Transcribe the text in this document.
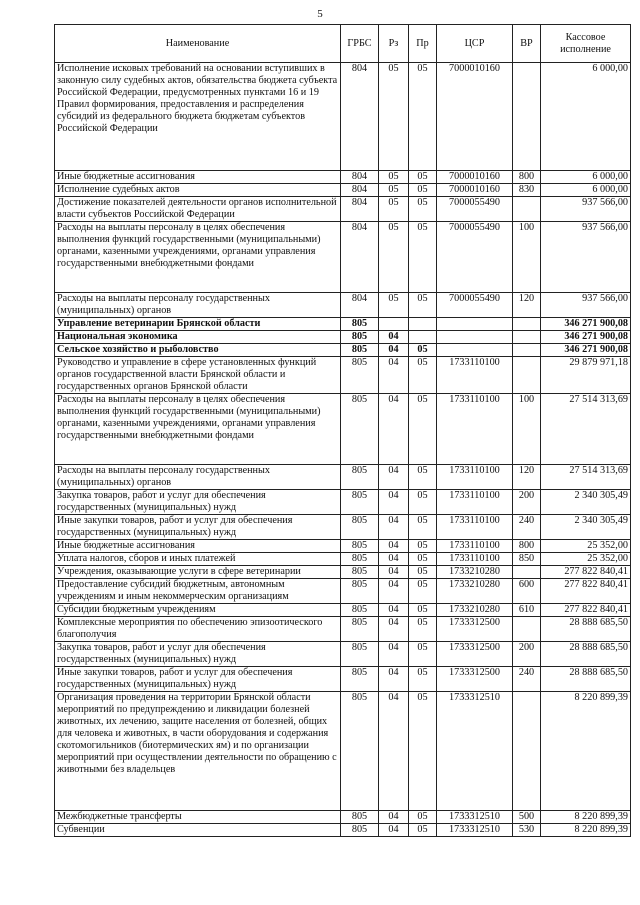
5
Наименование	ГРБС	Рз	Пр	ЦСР	ВР	Кассовое исполнение
Исполнение исковых требований на основании вступивших в законную силу судебных актов, обязательства бюджета субъекта Российской Федерации, предусмотренных пунктами 16 и 19 Правил формирования, предоставления и распределения субсидий из федерального бюджета бюджетам субъектов Российской Федерации	804	05	05	7000010160		6 000,00
Иные бюджетные ассигнования	804	05	05	7000010160	800	6 000,00
Исполнение судебных актов	804	05	05	7000010160	830	6 000,00
Достижение показателей деятельности органов исполнительной власти субъектов Российской Федерации	804	05	05	7000055490		937 566,00
Расходы на выплаты персоналу в целях обеспечения выполнения функций государственными (муниципальными) органами, казенными учреждениями, органами управления государственными внебюджетными фондами	804	05	05	7000055490	100	937 566,00
Расходы на выплаты персоналу государственных (муниципальных) органов	804	05	05	7000055490	120	937 566,00
Управление ветеринарии Брянской области	805					346 271 900,08
Национальная экономика	805	04				346 271 900,08
Сельское хозяйство и рыболовство	805	04	05			346 271 900,08
Руководство и управление в сфере установленных функций органов государственной власти Брянской области и государственных органов Брянской области	805	04	05	1733110100		29 879 971,18
Расходы на выплаты персоналу в целях обеспечения выполнения функций государственными (муниципальными) органами, казенными учреждениями, органами управления государственными внебюджетными фондами	805	04	05	1733110100	100	27 514 313,69
Расходы на выплаты персоналу государственных (муниципальных) органов	805	04	05	1733110100	120	27 514 313,69
Закупка товаров, работ и услуг для обеспечения государственных (муниципальных) нужд	805	04	05	1733110100	200	2 340 305,49
Иные закупки товаров, работ и услуг для обеспечения государственных (муниципальных) нужд	805	04	05	1733110100	240	2 340 305,49
Иные бюджетные ассигнования	805	04	05	1733110100	800	25 352,00
Уплата налогов, сборов и иных платежей	805	04	05	1733110100	850	25 352,00
Учреждения, оказывающие услуги в сфере ветеринарии	805	04	05	1733210280		277 822 840,41
Предоставление субсидий бюджетным, автономным учреждениям и иным некоммерческим организациям	805	04	05	1733210280	600	277 822 840,41
Субсидии бюджетным учреждениям	805	04	05	1733210280	610	277 822 840,41
Комплексные мероприятия по обеспечению эпизоотического благополучия	805	04	05	1733312500		28 888 685,50
Закупка товаров, работ и услуг для обеспечения государственных (муниципальных) нужд	805	04	05	1733312500	200	28 888 685,50
Иные закупки товаров, работ и услуг для обеспечения государственных (муниципальных) нужд	805	04	05	1733312500	240	28 888 685,50
Организация проведения на территории Брянской области мероприятий по предупреждению и ликвидации болезней животных, их лечению, защите населения от болезней, общих для человека и животных, в части оборудования и содержания скотомогильников (биотермических ям) и по организации мероприятий при осуществлении деятельности по обращению с животными без владельцев	805	04	05	1733312510		8 220 899,39
Межбюджетные трансферты	805	04	05	1733312510	500	8 220 899,39
Субвенции	805	04	05	1733312510	530	8 220 899,39
